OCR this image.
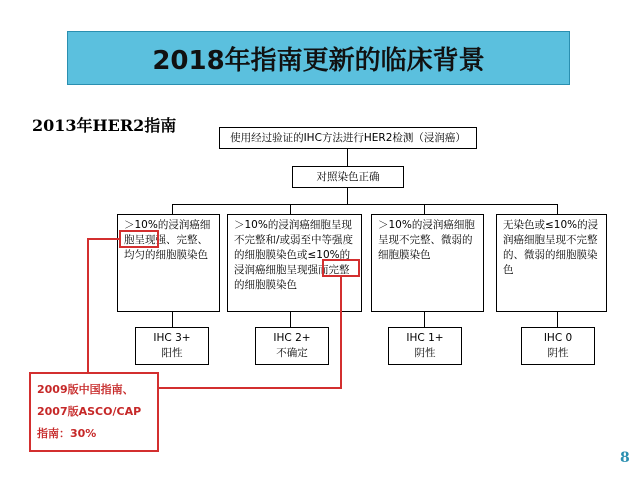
2018年指南更新的临床背景
2013年HER2指南
使用经过验证的IHC方法进行HER2检测（浸润癌）
对照染色正确
＞10%的浸润癌细胞呈现强、完整、均匀的细胞膜染色
＞10%的浸润癌细胞呈现不完整和/或弱至中等强度的细胞膜染色或≤10%的浸润癌细胞呈现强而完整的细胞膜染色
＞10%的浸润癌细胞呈现不完整、微弱的细胞膜染色
无染色或≤10%的浸润癌细胞呈现不完整的、微弱的细胞膜染色
IHC 3+
阳性
IHC 2+
不确定
IHC 1+
阴性
IHC 0
阴性
2009版中国指南、
2007版ASCO/CAP
指南：30%
8
